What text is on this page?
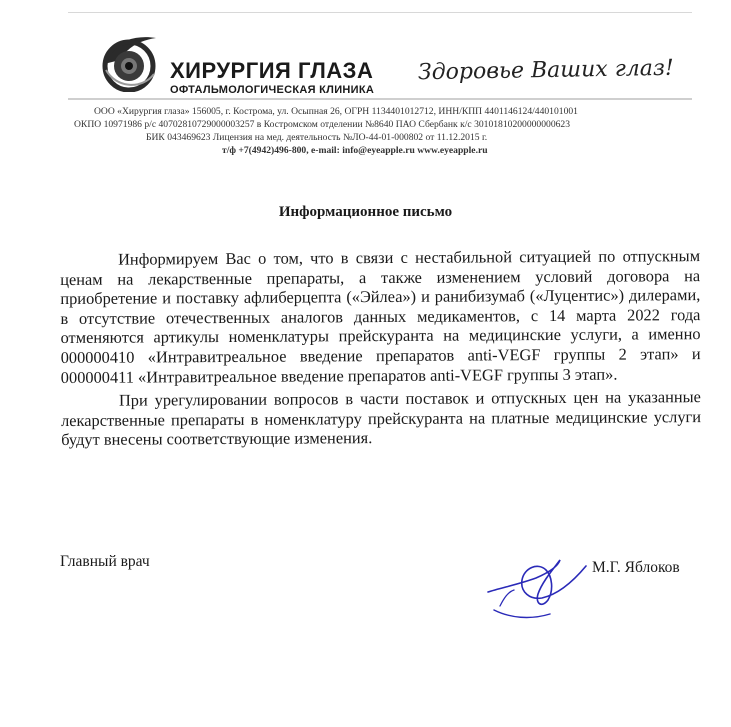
ХИРУРГИЯ ГЛАЗА
ОФТАЛЬМОЛОГИЧЕСКАЯ КЛИНИКА
Здоровье Ваших глаз!
ООО «Хирургия глаза» 156005, г. Кострома, ул. Осыпная 26, ОГРН 1134401012712, ИНН/КПП 4401146124/440101001
ОКПО 10971986 р/с 40702810729000003257 в Костромском отделении №8640 ПАО Сбербанк к/с 30101810200000000623
БИК 043469623 Лицензия на мед. деятельность №ЛО-44-01-000802 от 11.12.2015 г.
т/ф +7(4942)496-800, e-mail: info@eyeapple.ru www.eyeapple.ru
Информационное письмо

Информируем Вас о том, что в связи с нестабильной ситуацией по отпускным ценам на лекарственные препараты, а также изменением условий договора на приобретение и поставку афлиберцепта («Эйлеа») и ранибизумаб («Луцентис») дилерами, в отсутствие отечественных аналогов данных медикаментов, с 14 марта 2022 года отменяются артикулы номенклатуры прейскуранта на медицинские услуги, а именно 000000410 «Интравитреальное введение препаратов anti-VEGF группы 2 этап» и 000000411 «Интравитреальное введение препаратов anti-VEGF группы 3 этап».

При урегулировании вопросов в части поставок и отпускных цен на указанные лекарственные препараты в номенклатуру прейскуранта на платные медицинские услуги будут внесены соответствующие изменения.

Главный врач	М.Г. Яблоков
